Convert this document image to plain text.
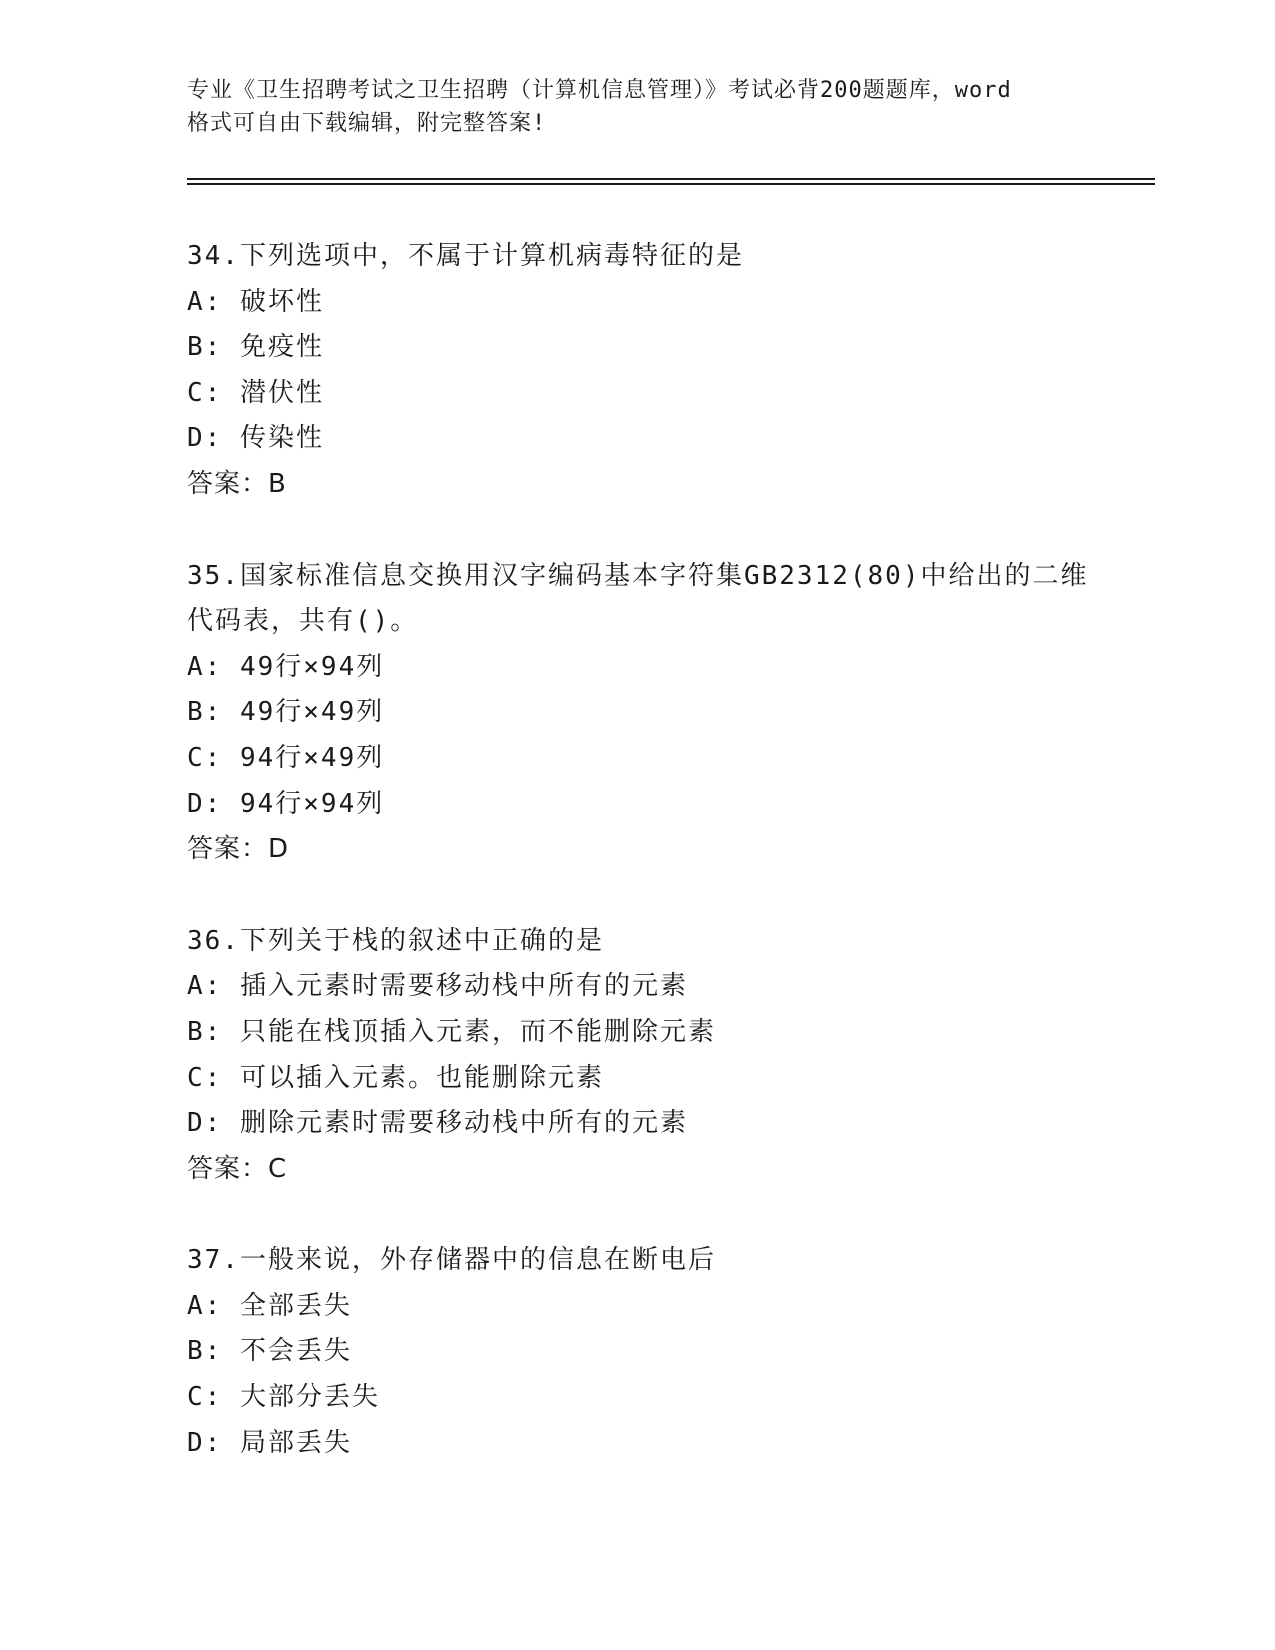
专业《卫生招聘考试之卫生招聘（计算机信息管理）》考试必背200题题库，word
格式可自由下载编辑，附完整答案!
34.下列选项中，不属于计算机病毒特征的是
A: 破坏性
B: 免疫性
C: 潜伏性
D: 传染性
答案：B
35.国家标准信息交换用汉字编码基本字符集GB2312(80)中给出的二维
代码表，共有()。
A: 49行×94列
B: 49行×49列
C: 94行×49列
D: 94行×94列
答案：D
36.下列关于栈的叙述中正确的是
A: 插入元素时需要移动栈中所有的元素
B: 只能在栈顶插入元素，而不能删除元素
C: 可以插入元素。也能删除元素
D: 删除元素时需要移动栈中所有的元素
答案：C
37.一般来说，外存储器中的信息在断电后
A: 全部丢失
B: 不会丢失
C: 大部分丢失
D: 局部丢失
